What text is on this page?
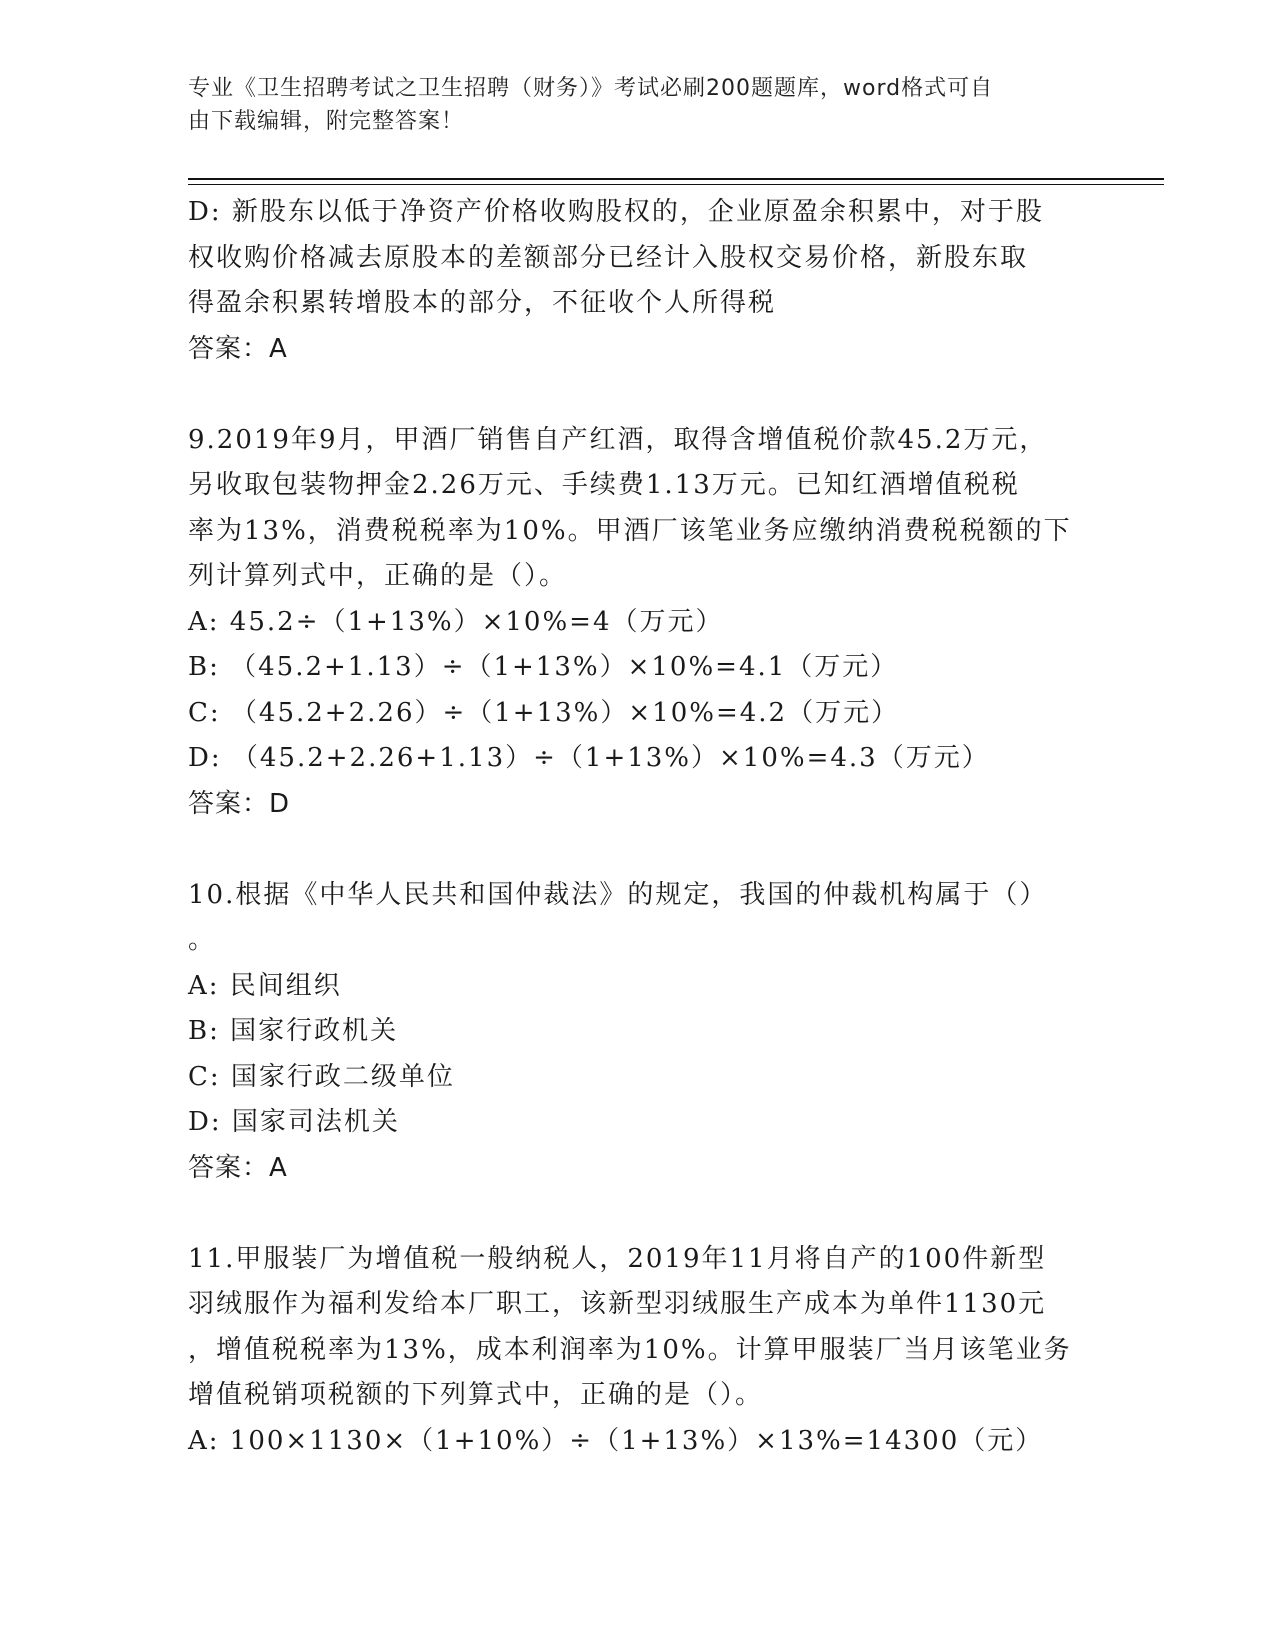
专业《卫生招聘考试之卫生招聘（财务）》考试必刷200题题库，word格式可自
由下载编辑，附完整答案！
D: 新股东以低于净资产价格收购股权的，企业原盈余积累中，对于股
权收购价格减去原股本的差额部分已经计入股权交易价格，新股东取
得盈余积累转增股本的部分，不征收个人所得税
答案：A
9.2019年9月，甲酒厂销售自产红酒，取得含增值税价款45.2万元，
另收取包装物押金2.26万元、手续费1.13万元。已知红酒增值税税
率为13%，消费税税率为10%。甲酒厂该笔业务应缴纳消费税税额的下
列计算列式中，正确的是（）。
A: 45.2÷（1+13%）×10%=4（万元）
B: （45.2+1.13）÷（1+13%）×10%=4.1（万元）
C: （45.2+2.26）÷（1+13%）×10%=4.2（万元）
D: （45.2+2.26+1.13）÷（1+13%）×10%=4.3（万元）
答案：D
10.根据《中华人民共和国仲裁法》的规定，我国的仲裁机构属于（）
。
A: 民间组织
B: 国家行政机关
C: 国家行政二级单位
D: 国家司法机关
答案：A
11.甲服装厂为增值税一般纳税人，2019年11月将自产的100件新型
羽绒服作为福利发给本厂职工，该新型羽绒服生产成本为单件1130元
，增值税税率为13%，成本利润率为10%。计算甲服装厂当月该笔业务
增值税销项税额的下列算式中，正确的是（）。
A: 100×1130×（1+10%）÷（1+13%）×13%=14300（元）
